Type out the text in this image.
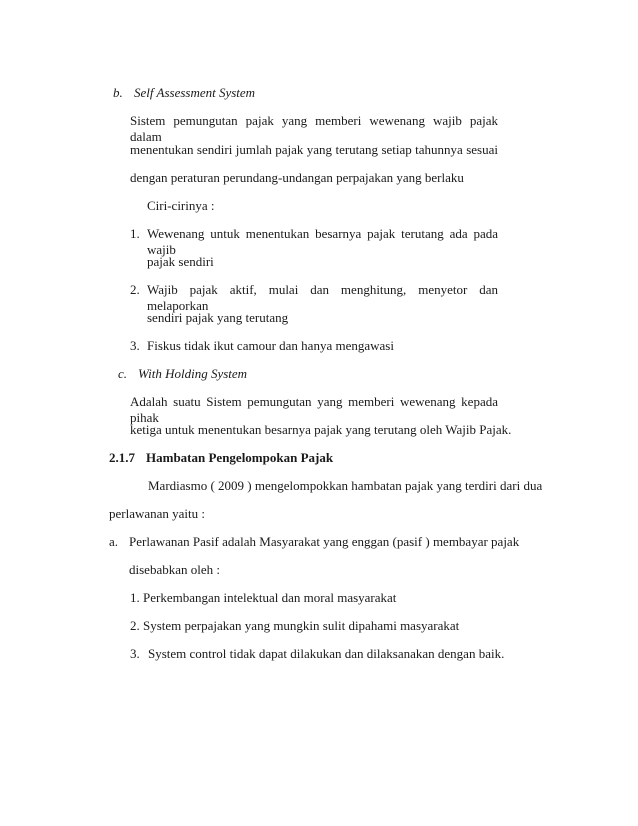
b. Self Assessment System
Sistem pemungutan pajak yang memberi wewenang wajib pajak dalam
menentukan sendiri jumlah pajak yang terutang setiap tahunnya sesuai
dengan peraturan perundang-undangan perpajakan yang berlaku
Ciri-cirinya :
1. Wewenang untuk menentukan besarnya pajak terutang ada pada wajib
pajak sendiri
2. Wajib pajak aktif, mulai dan menghitung, menyetor dan melaporkan
sendiri pajak yang terutang
3. Fiskus tidak ikut camour dan hanya mengawasi
c. With Holding System
Adalah suatu Sistem pemungutan yang memberi wewenang kepada pihak
ketiga untuk menentukan besarnya pajak yang terutang oleh Wajib Pajak.
2.1.7 Hambatan Pengelompokan Pajak
Mardiasmo ( 2009 ) mengelompokkan hambatan pajak yang terdiri dari dua
perlawanan yaitu :
a. Perlawanan Pasif adalah Masyarakat yang enggan (pasif ) membayar pajak
disebabkan oleh :
1. Perkembangan intelektual dan moral masyarakat
2. System perpajakan yang mungkin sulit dipahami masyarakat
3. System control tidak dapat dilakukan dan dilaksanakan dengan baik.
